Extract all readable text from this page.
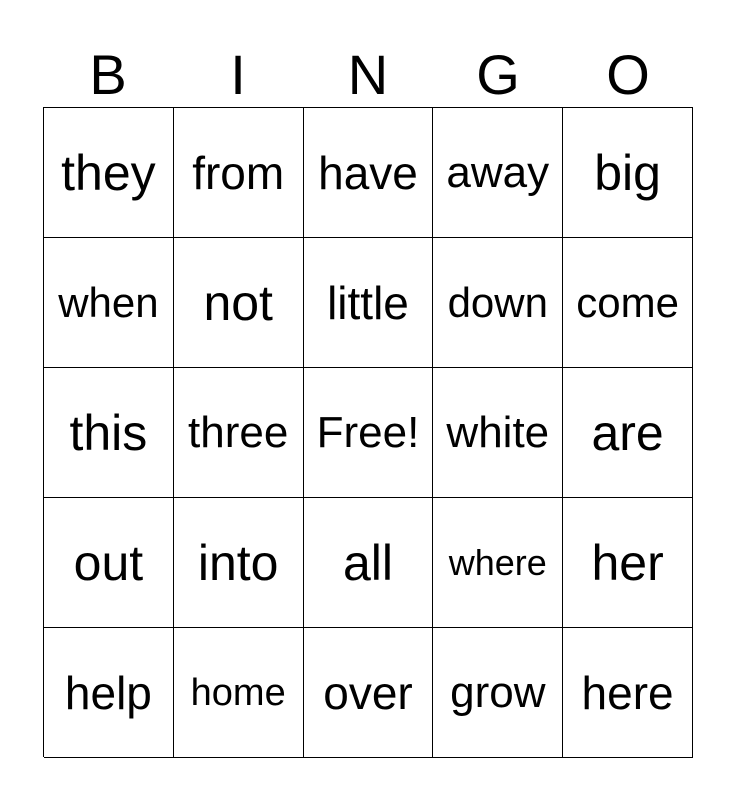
B	I	N	G	O
they from have away big
when not	little down come
this three Free! white are
out	into	all	where her
help	home over grow here
